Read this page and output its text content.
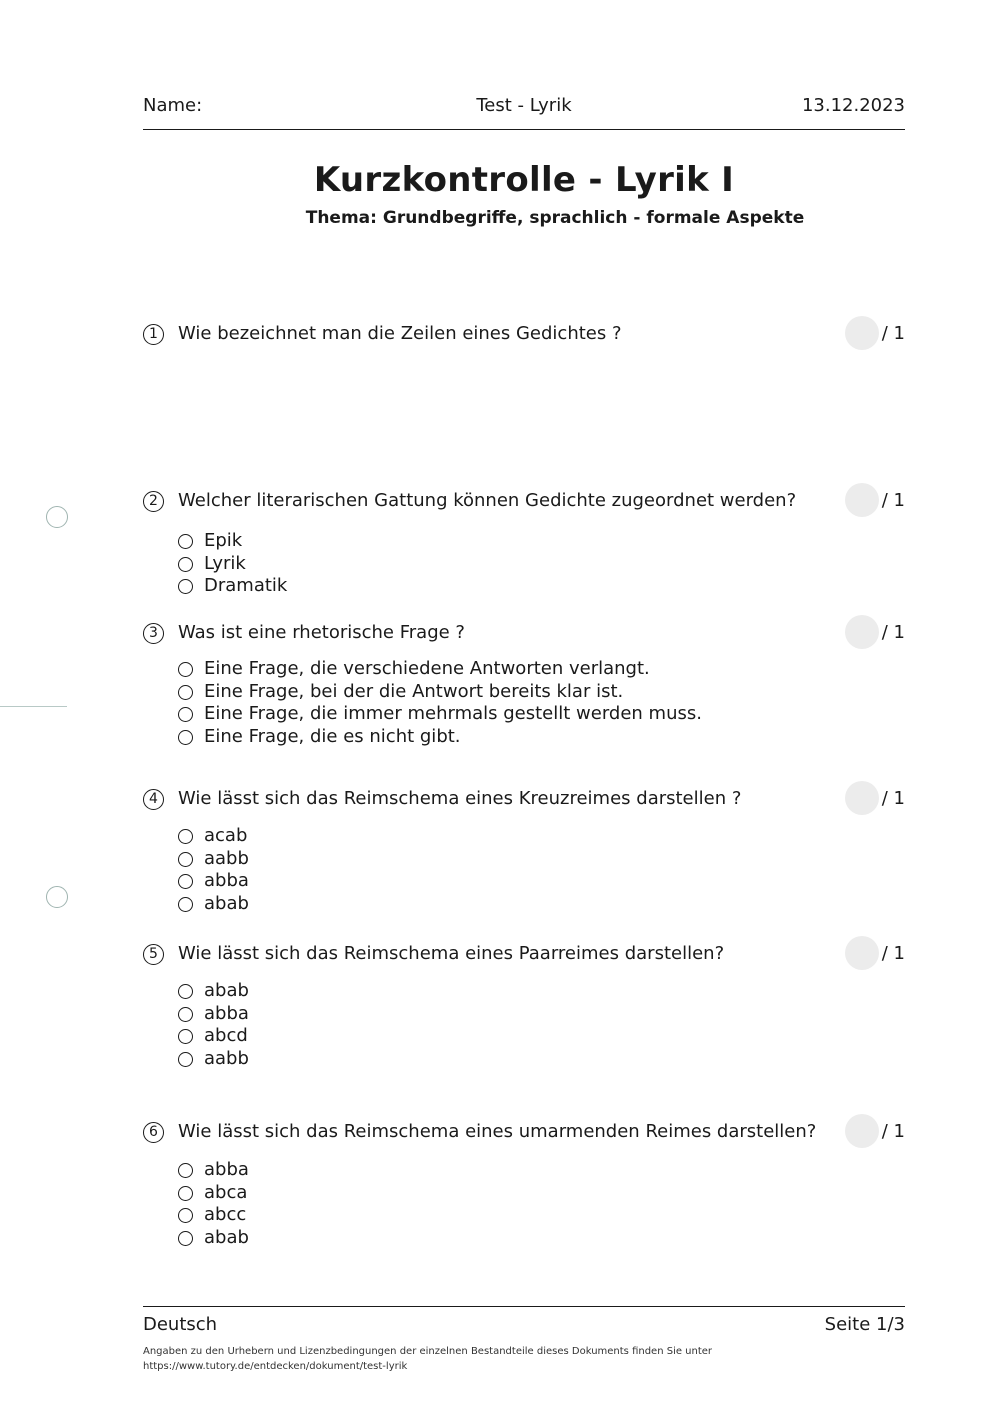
Name:	Test - Lyrik	13.12.2023
Kurzkontrolle - Lyrik I
Thema: Grundbegriffe, sprachlich - formale Aspekte
1	Wie bezeichnet man die Zeilen eines Gedichtes ?	/ 1
2	Welcher literarischen Gattung können Gedichte zugeordnet werden?	/ 1
Epik
Lyrik
Dramatik
3	Was ist eine rhetorische Frage ?	/ 1
Eine Frage, die verschiedene Antworten verlangt.
Eine Frage, bei der die Antwort bereits klar ist.
Eine Frage, die immer mehrmals gestellt werden muss.
Eine Frage, die es nicht gibt.
4	Wie lässt sich das Reimschema eines Kreuzreimes darstellen ?	/ 1
acab
aabb
abba
abab
5	Wie lässt sich das Reimschema eines Paarreimes darstellen?	/ 1
abab
abba
abcd
aabb
6	Wie lässt sich das Reimschema eines umarmenden Reimes darstellen?	/ 1
abba
abca
abcc
abab
Deutsch	Seite 1/3
Angaben zu den Urhebern und Lizenzbedingungen der einzelnen Bestandteile dieses Dokuments finden Sie unter
https://www.tutory.de/entdecken/dokument/test-lyrik
